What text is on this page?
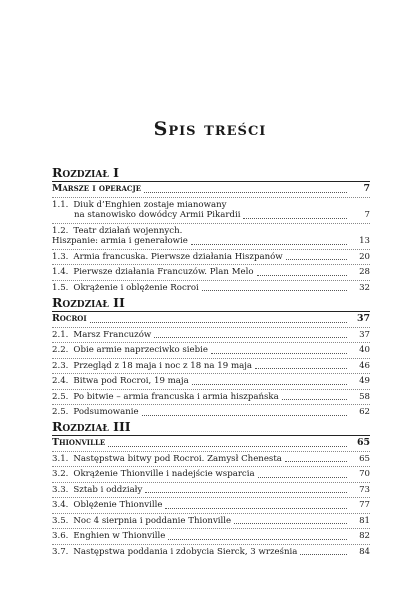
Spis treści
Rozdział I
Marsze i operacje	7
1.1. Diuk d’Enghien zostaje mianowany
na stanowisko dowódcy Armii Pikardii	7
1.2. Teatr działań wojennych.
Hiszpanie: armia i generałowie	13
1.3. Armia francuska. Pierwsze działania Hiszpanów	20
1.4. Pierwsze działania Francuzów. Plan Melo	28
1.5. Okrążenie i oblężenie Rocroi	32
Rozdział II
Rocroi	37
2.1. Marsz Francuzów	37
2.2. Obie armie naprzeciwko siebie	40
2.3. Przegląd z 18 maja i noc z 18 na 19 maja	46
2.4. Bitwa pod Rocroi, 19 maja	49
2.5. Po bitwie – armia francuska i armia hiszpańska	58
2.5. Podsumowanie	62
Rozdział III
Thionville	65
3.1. Następstwa bitwy pod Rocroi. Zamysł Chenesta	65
3.2. Okrążenie Thionville i nadejście wsparcia	70
3.3. Sztab i oddziały	73
3.4. Oblężenie Thionville	77
3.5. Noc 4 sierpnia i poddanie Thionville	81
3.6. Enghien w Thionville	82
3.7. Następstwa poddania i zdobycia Sierck, 3 września	84
